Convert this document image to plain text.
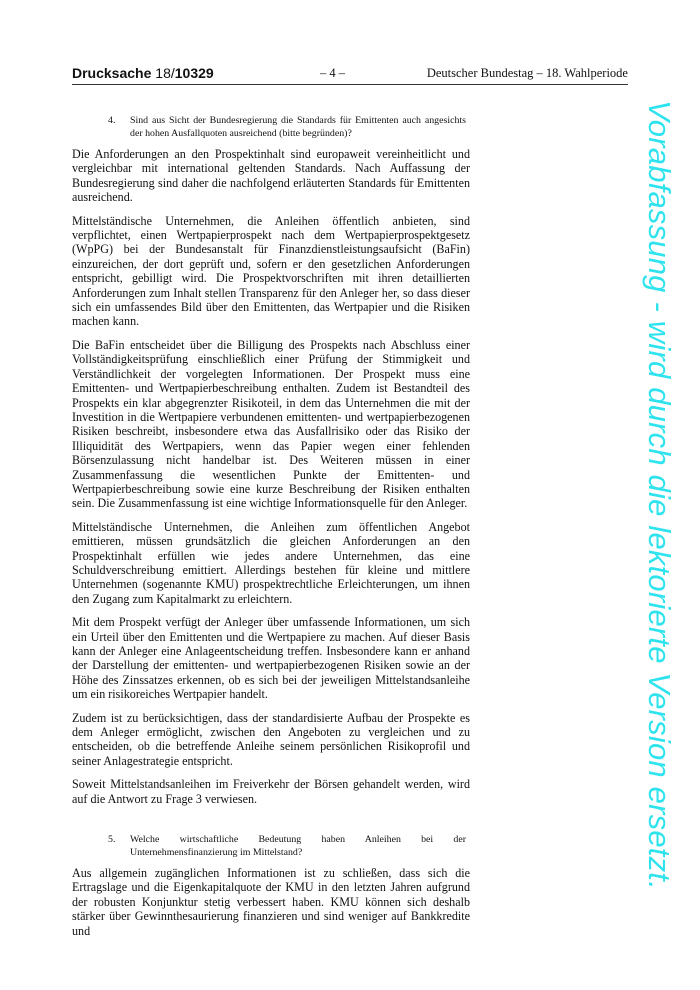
Drucksache 18/10329	– 4 –	Deutscher Bundestag – 18. Wahlperiode
4.	Sind aus Sicht der Bundesregierung die Standards für Emittenten auch angesichts der hohen Ausfallquoten ausreichend (bitte begründen)?

Die Anforderungen an den Prospektinhalt sind europaweit vereinheitlicht und vergleichbar mit international geltenden Standards. Nach Auffassung der Bundesregierung sind daher die nachfolgend erläuterten Standards für Emittenten ausreichend.

Mittelständische Unternehmen, die Anleihen öffentlich anbieten, sind verpflichtet, einen Wertpapierprospekt nach dem Wertpapierprospektgesetz (WpPG) bei der Bundesanstalt für Finanzdienstleistungsaufsicht (BaFin) einzureichen, der dort geprüft und, sofern er den gesetzlichen Anforderungen entspricht, gebilligt wird. Die Prospektvorschriften mit ihren detaillierten Anforderungen zum Inhalt stellen Transparenz für den Anleger her, so dass dieser sich ein umfassendes Bild über den Emittenten, das Wertpapier und die Risiken machen kann.

Die BaFin entscheidet über die Billigung des Prospekts nach Abschluss einer Vollständigkeitsprüfung einschließlich einer Prüfung der Stimmigkeit und Verständlichkeit der vorgelegten Informationen. Der Prospekt muss eine Emittenten- und Wertpapierbeschreibung enthalten. Zudem ist Bestandteil des Prospekts ein klar abgegrenzter Risikoteil, in dem das Unternehmen die mit der Investition in die Wertpapiere verbundenen emittenten- und wertpapierbezogenen Risiken beschreibt, insbesondere etwa das Ausfallrisiko oder das Risiko der Illiquidität des Wertpapiers, wenn das Papier wegen einer fehlenden Börsenzulassung nicht handelbar ist. Des Weiteren müssen in einer Zusammenfassung die wesentlichen Punkte der Emittenten- und Wertpapierbeschreibung sowie eine kurze Beschreibung der Risiken enthalten sein. Die Zusammenfassung ist eine wichtige Informationsquelle für den Anleger.

Mittelständische Unternehmen, die Anleihen zum öffentlichen Angebot emittieren, müssen grundsätzlich die gleichen Anforderungen an den Prospektinhalt erfüllen wie jedes andere Unternehmen, das eine Schuldverschreibung emittiert. Allerdings bestehen für kleine und mittlere Unternehmen (sogenannte KMU) prospektrechtliche Erleichterungen, um ihnen den Zugang zum Kapitalmarkt zu erleichtern.

Mit dem Prospekt verfügt der Anleger über umfassende Informationen, um sich ein Urteil über den Emittenten und die Wertpapiere zu machen. Auf dieser Basis kann der Anleger eine Anlageentscheidung treffen. Insbesondere kann er anhand der Darstellung der emittenten- und wertpapierbezogenen Risiken sowie an der Höhe des Zinssatzes erkennen, ob es sich bei der jeweiligen Mittelstandsanleihe um ein risikoreiches Wertpapier handelt.

Zudem ist zu berücksichtigen, dass der standardisierte Aufbau der Prospekte es dem Anleger ermöglicht, zwischen den Angeboten zu vergleichen und zu entscheiden, ob die betreffende Anleihe seinem persönlichen Risikoprofil und seiner Anlagestrategie entspricht.

Soweit Mittelstandsanleihen im Freiverkehr der Börsen gehandelt werden, wird auf die Antwort zu Frage 3 verwiesen.

5.	Welche wirtschaftliche Bedeutung haben Anleihen bei der Unternehmensfinanzierung im Mittelstand?

Aus allgemein zugänglichen Informationen ist zu schließen, dass sich die Ertragslage und die Eigenkapitalquote der KMU in den letzten Jahren aufgrund der robusten Konjunktur stetig verbessert haben. KMU können sich deshalb stärker über Gewinnthesaurierung finanzieren und sind weniger auf Bankkredite und

Vorabfassung - wird durch die lektorierte Version ersetzt.
